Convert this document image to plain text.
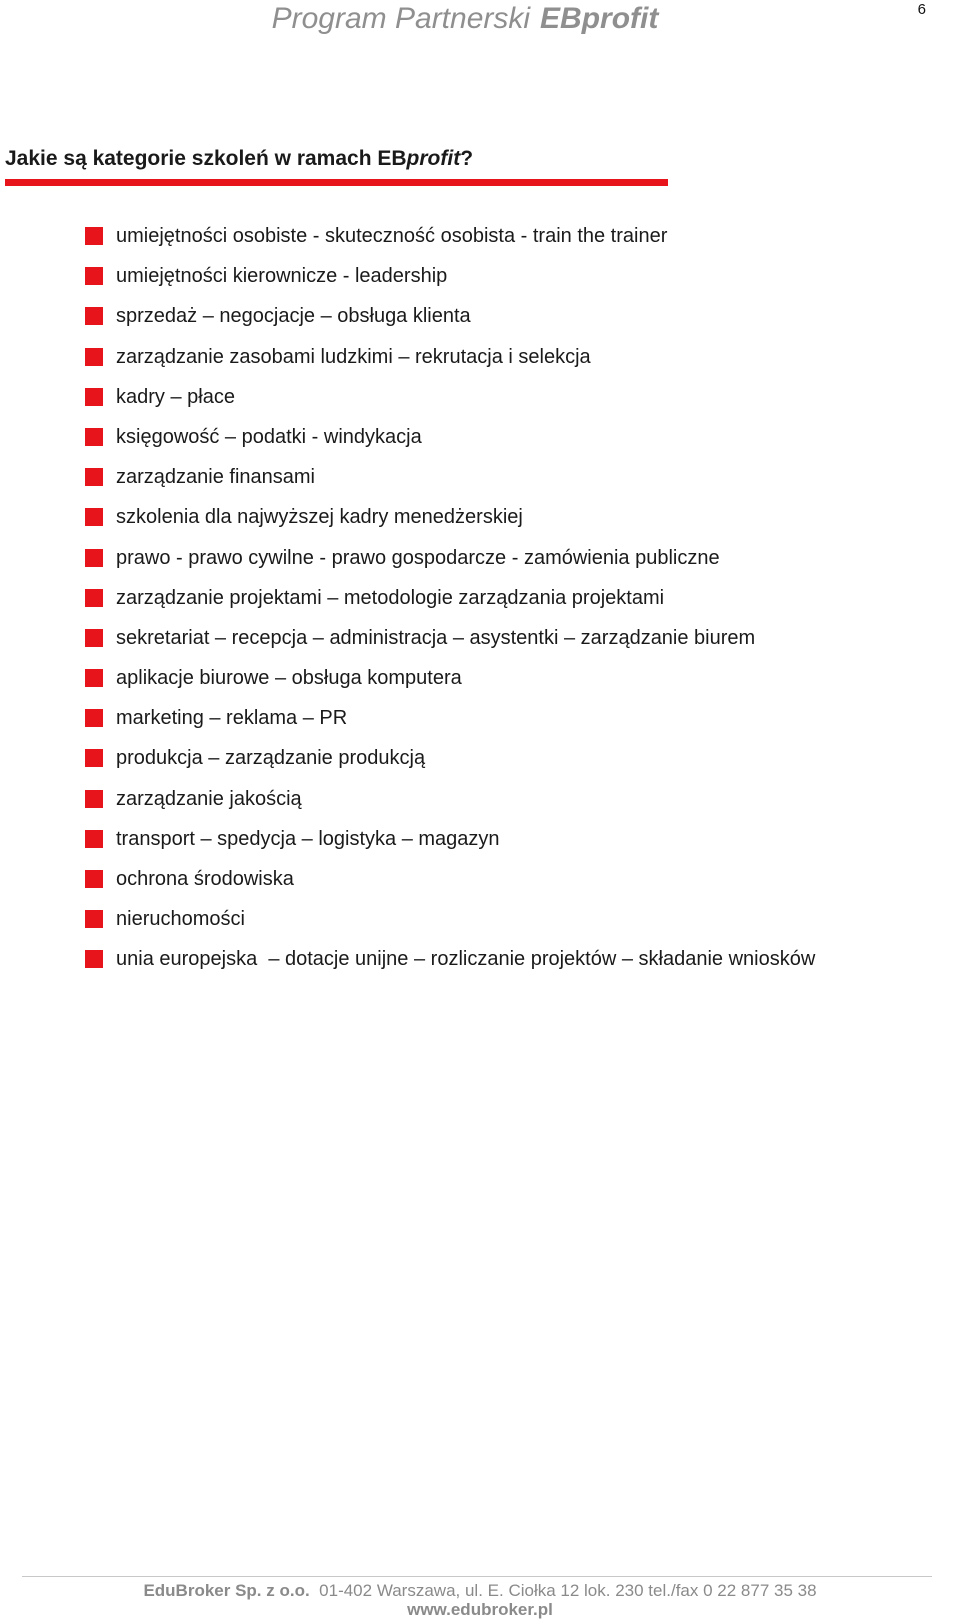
Program Partnerski EBprofit	6
Jakie są kategorie szkoleń w ramach EBprofit?
umiejętności osobiste - skuteczność osobista - train the trainer
umiejętności kierownicze - leadership
sprzedaż – negocjacje – obsługa klienta
zarządzanie zasobami ludzkimi – rekrutacja i selekcja
kadry – płace
księgowość – podatki - windykacja
zarządzanie finansami
szkolenia dla najwyższej kadry menedżerskiej
prawo - prawo cywilne - prawo gospodarcze - zamówienia publiczne
zarządzanie projektami – metodologie zarządzania projektami
sekretariat – recepcja – administracja – asystentki – zarządzanie biurem
aplikacje biurowe – obsługa komputera
marketing – reklama – PR
produkcja – zarządzanie produkcją
zarządzanie jakością
transport – spedycja – logistyka – magazyn
ochrona środowiska
nieruchomości
unia europejska  – dotacje unijne – rozliczanie projektów – składanie wniosków
EduBroker Sp. z o.o. 01-402 Warszawa, ul. E. Ciołka 12 lok. 230 tel./fax 0 22 877 35 38
www.edubroker.pl
